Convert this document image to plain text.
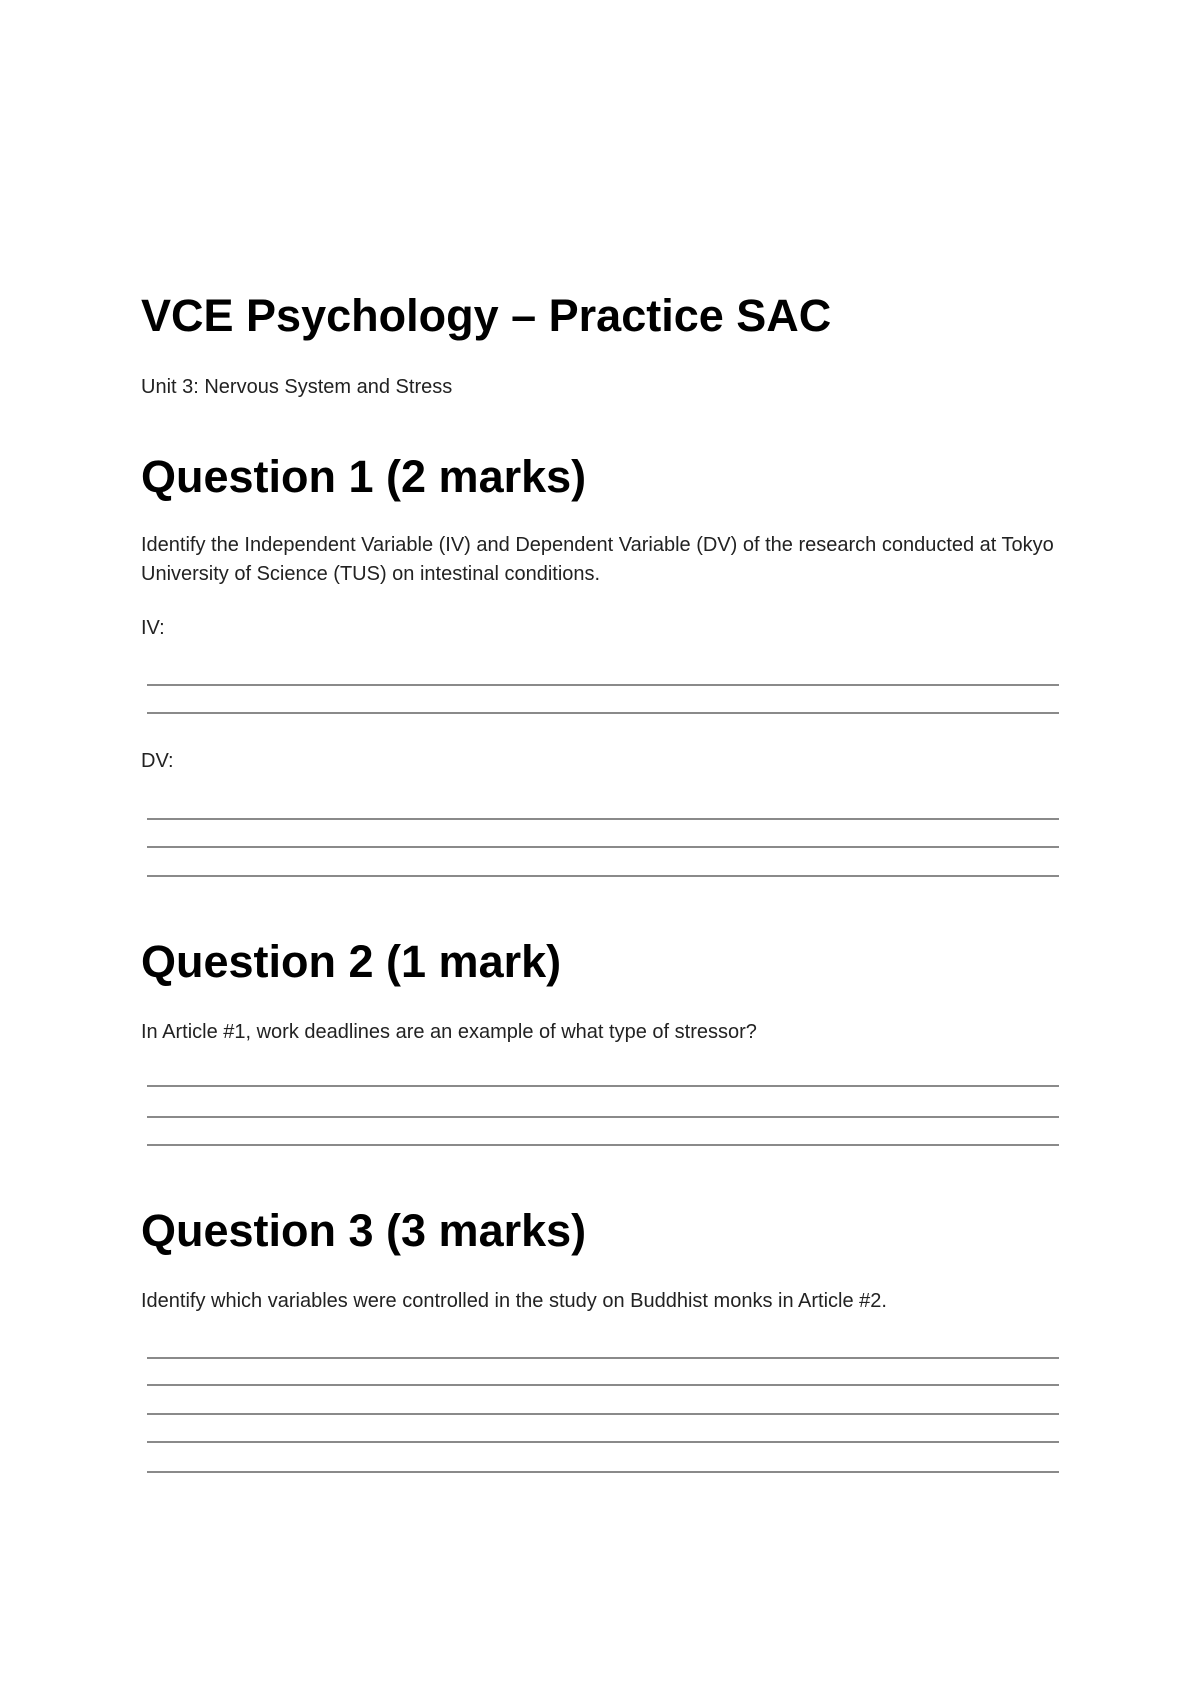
VCE Psychology – Practice SAC

Unit 3: Nervous System and Stress

Question 1 (2 marks)

Identify the Independent Variable (IV) and Dependent Variable (DV) of the research conducted at Tokyo University of Science (TUS) on intestinal conditions.

IV:

DV:

Question 2 (1 mark)

In Article #1, work deadlines are an example of what type of stressor?

Question 3 (3 marks)

Identify which variables were controlled in the study on Buddhist monks in Article #2.
